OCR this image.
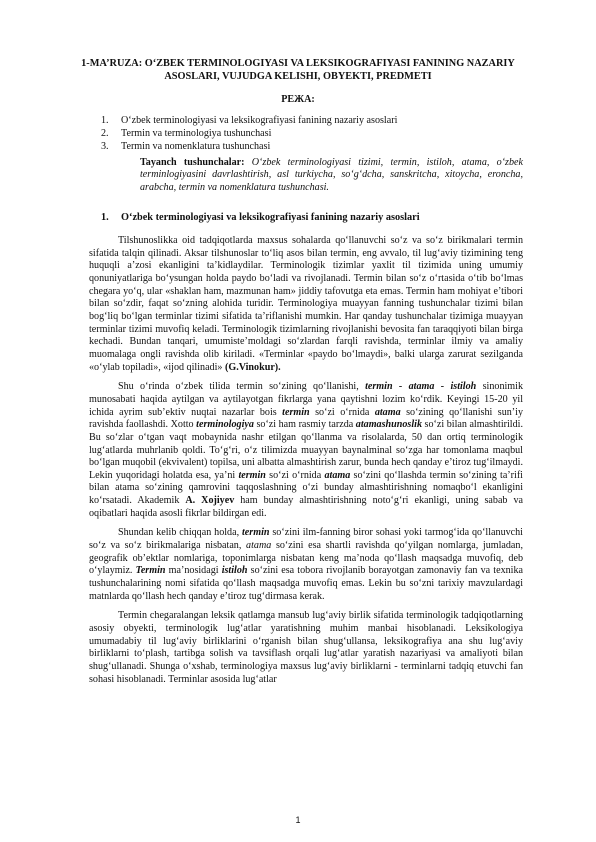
1-MA’RUZA: O‘ZBEK TERMINOLOGIYASI VA LEKSIKOGRAFIYASI FANINING NAZARIY ASOSLARI, VUJUDGA KELISHI, OBYEKTI, PREDMETI
РЕЖА:
1.	O‘zbek terminologiyasi va leksikografiyasi fanining nazariy asoslari
2.	Termin va terminologiya tushunchasi
3.	Termin va nomenklatura tushunchasi
Tayanch tushunchalar: O‘zbek terminologiyasi tizimi, termin, istiloh, atama, o‘zbek terminlogiyasini davrlashtirish, asl turkiycha, so‘g‘dcha, sanskritcha, xitoycha, eroncha, arabcha, termin va nomenklatura tushunchasi.
1. O‘zbek terminologiyasi va leksikografiyasi fanining nazariy asoslari

Tilshunoslikka oid tadqiqotlarda maxsus sohalarda qo‘llanuvchi so‘z va so‘z birikmalari termin sifatida talqin qilinadi. Aksar tilshunoslar to‘liq asos bilan termin, eng avvalo, til lug‘aviy tizimining teng huquqli a’zosi ekanligini ta’kidlaydilar. Terminologik tizimlar yaxlit til tizimida uning umumiy qonuniyatlariga bo‘ysungan holda paydo bo‘ladi va rivojlanadi. Termin bilan so‘z o‘rtasida o‘tib bo‘lmas chegara yo‘q, ular «shaklan ham, mazmunan ham» jiddiy tafovutga eta emas. Termin ham mohiyat e’tibori bilan so‘zdir, faqat so‘zning alohida turidir. Terminologiya muayyan fanning tushunchalar tizimi bilan bog‘liq bo‘lgan terminlar tizimi sifatida ta’riflanishi mumkin. Har qanday tushunchalar tizimiga muayyan terminlar tizimi muvofiq keladi. Terminologik tizimlarning rivojlanishi bevosita fan taraqqiyoti bilan birga kechadi. Bundan tanqari, umumiste’moldagi so‘zlardan farqli ravishda, terminlar ilmiy va amaliy muomalaga ongli ravishda olib kiriladi. «Terminlar «paydo bo‘lmaydi», balki ularga zarurat sezilganda «o‘ylab topiladi», «ijod qilinadi» (G.Vinokur).

Shu o‘rinda o‘zbek tilida termin so‘zining qo‘llanishi, termin - atama - istiloh sinonimik munosabati haqida aytilgan va aytilayotgan fikrlarga yana qaytishni lozim ko‘rdik. Keyingi 15-20 yil ichida ayrim sub’ektiv nuqtai nazarlar bois termin so‘zi o‘rnida atama so‘zining qo‘llanishi sun’iy ravishda faollashdi. Xotto terminologiya so‘zi ham rasmiy tarzda atamashunoslik so‘zi bilan almashtirildi. Bu so‘zlar o‘tgan vaqt mobaynida nashr etilgan qo‘llanma va risolalarda, 50 dan ortiq terminologik lug‘atlarda muhrlanib qoldi. To‘g‘ri, o‘z tilimizda muayyan baynalminal so‘zga har tomonlama maqbul bo‘lgan muqobil (ekvivalent) topilsa, uni albatta almashtirish zarur, bunda hech qanday e’tiroz tug‘ilmaydi. Lekin yuqoridagi holatda esa, ya’ni termin so‘zi o‘rnida atama so‘zini qo‘llashda termin so‘zining ta’rifi bilan atama so‘zining qamrovini taqqoslashning o‘zi bunday almashtirishning nomaqbo‘l ekanligini ko‘rsatadi. Akademik A. Xojiyev ham bunday almashtirishning noto‘g‘ri ekanligi, uning sabab va oqibatlari haqida asosli fikrlar bildirgan edi.

Shundan kelib chiqqan holda, termin so‘zini ilm-fanning biror sohasi yoki tarmog‘ida qo‘llanuvchi so‘z va so‘z birikmalariga nisbatan, atama so‘zini esa shartli ravishda qo‘yilgan nomlarga, jumladan, geografik ob’ektlar nomlariga, toponimlarga nisbatan keng ma’noda qo‘llash maqsadga muvofiq, deb o‘ylaymiz. Termin ma’nosidagi istiloh so‘zini esa tobora rivojlanib borayotgan zamonaviy fan va texnika tushunchalarining nomi sifatida qo‘llash maqsadga muvofiq emas. Lekin bu so‘zni tarixiy mavzulardagi matnlarda qo‘llash hech qanday e’tiroz tug‘dirmasa kerak.

Termin chegaralangan leksik qatlamga mansub lug‘aviy birlik sifatida terminologik tadqiqotlarning asosiy obyekti, terminologik lug‘atlar yaratishning muhim manbai hisoblanadi. Leksikologiya umumadabiy til lug‘aviy birliklarini o‘rganish bilan shug‘ullansa, leksikografiya ana shu lug‘aviy birliklarni to‘plash, tartibga solish va tavsiflash orqali lug‘atlar yaratish nazariyasi va amaliyoti bilan shug‘ullanadi. Shunga o‘xshab, terminologiya maxsus lug‘aviy birliklarni - terminlarni tadqiq etuvchi fan sohasi hisoblanadi. Terminlar asosida lug‘atlar

1
